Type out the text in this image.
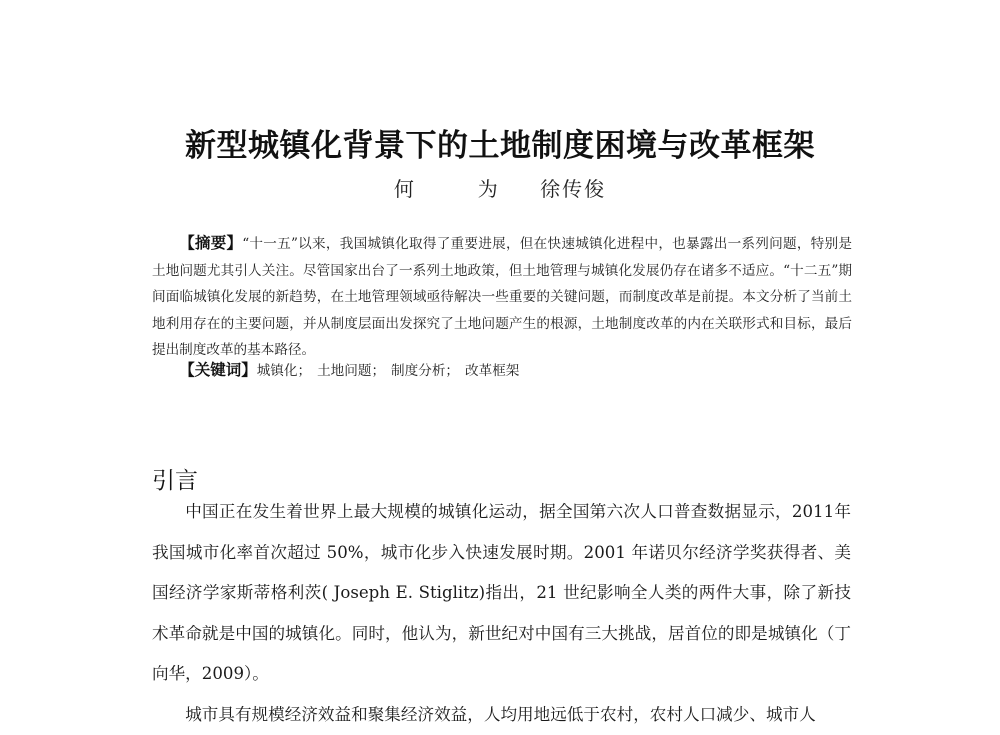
新型城镇化背景下的土地制度困境与改革框架
何　为 徐传俊

【摘要】“十一五”以来，我国城镇化取得了重要进展，但在快速城镇化进程中，也暴露出一系列问题，特别是土地问题尤其引人关注。尽管国家出台了一系列土地政策，但土地管理与城镇化发展仍存在诸多不适应。“十二五”期间面临城镇化发展的新趋势，在土地管理领域亟待解决一些重要的关键问题，而制度改革是前提。本文分析了当前土地利用存在的主要问题，并从制度层面出发探究了土地问题产生的根源，土地制度改革的内在关联形式和目标，最后提出制度改革的基本路径。

【关键词】城镇化； 土地问题； 制度分析； 改革框架
引言

中国正在发生着世界上最大规模的城镇化运动，据全国第六次人口普查数据显示，2011年我国城市化率首次超过 50%，城市化步入快速发展时期。2001 年诺贝尔经济学奖获得者、美国经济学家斯蒂格利茨( Joseph E. Stiglitz)指出，21 世纪影响全人类的两件大事，除了新技术革命就是中国的城镇化。同时，他认为，新世纪对中国有三大挑战，居首位的即是城镇化（丁向华，2009）。

城市具有规模经济效益和聚集经济效益，人均用地远低于农村，农村人口减少、城市人
